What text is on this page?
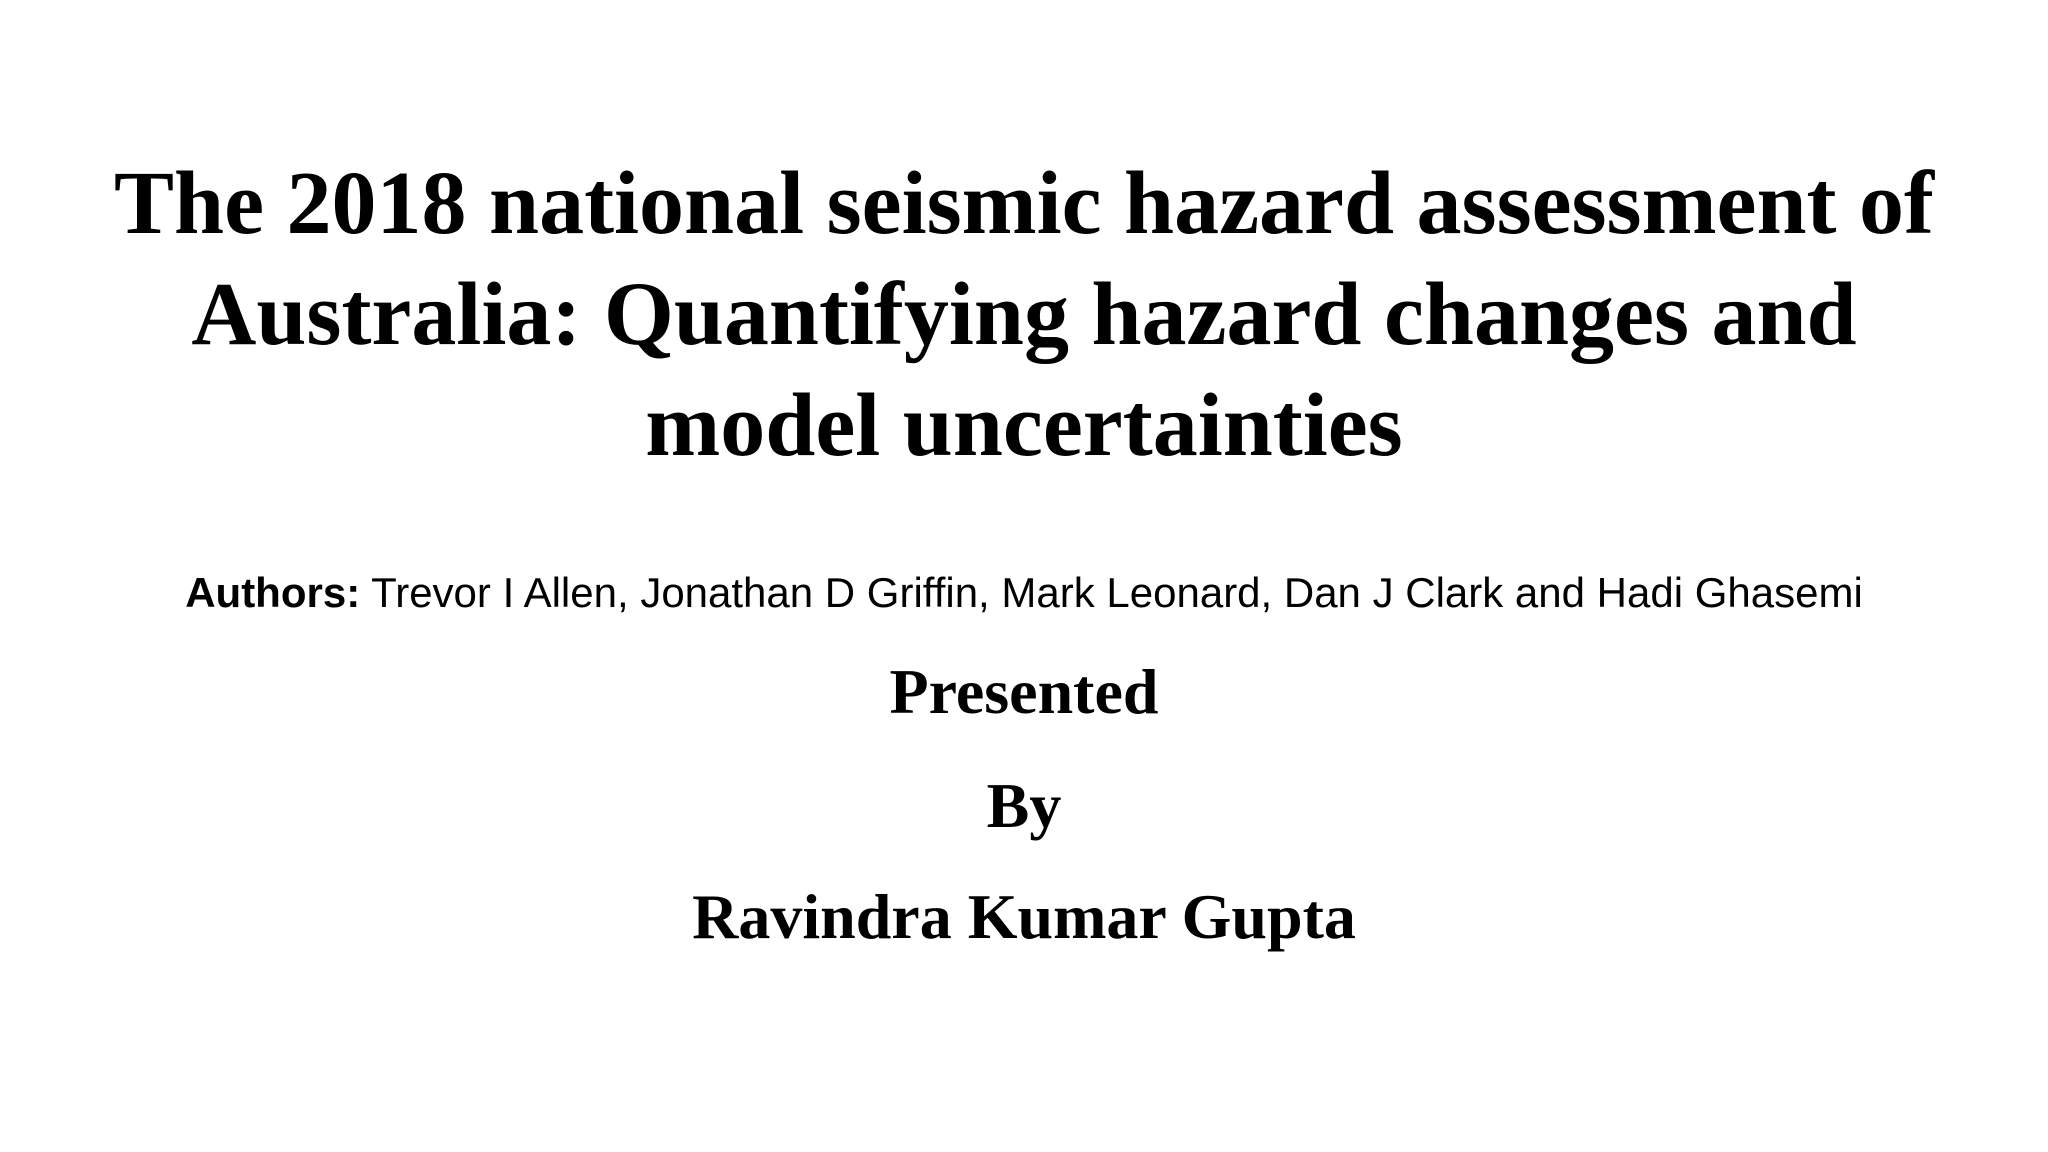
The 2018 national seismic hazard assessment of
Australia: Quantifying hazard changes and
model uncertainties
Authors: Trevor I Allen, Jonathan D Griffin, Mark Leonard, Dan J Clark and Hadi Ghasemi
Presented
By
Ravindra Kumar Gupta
